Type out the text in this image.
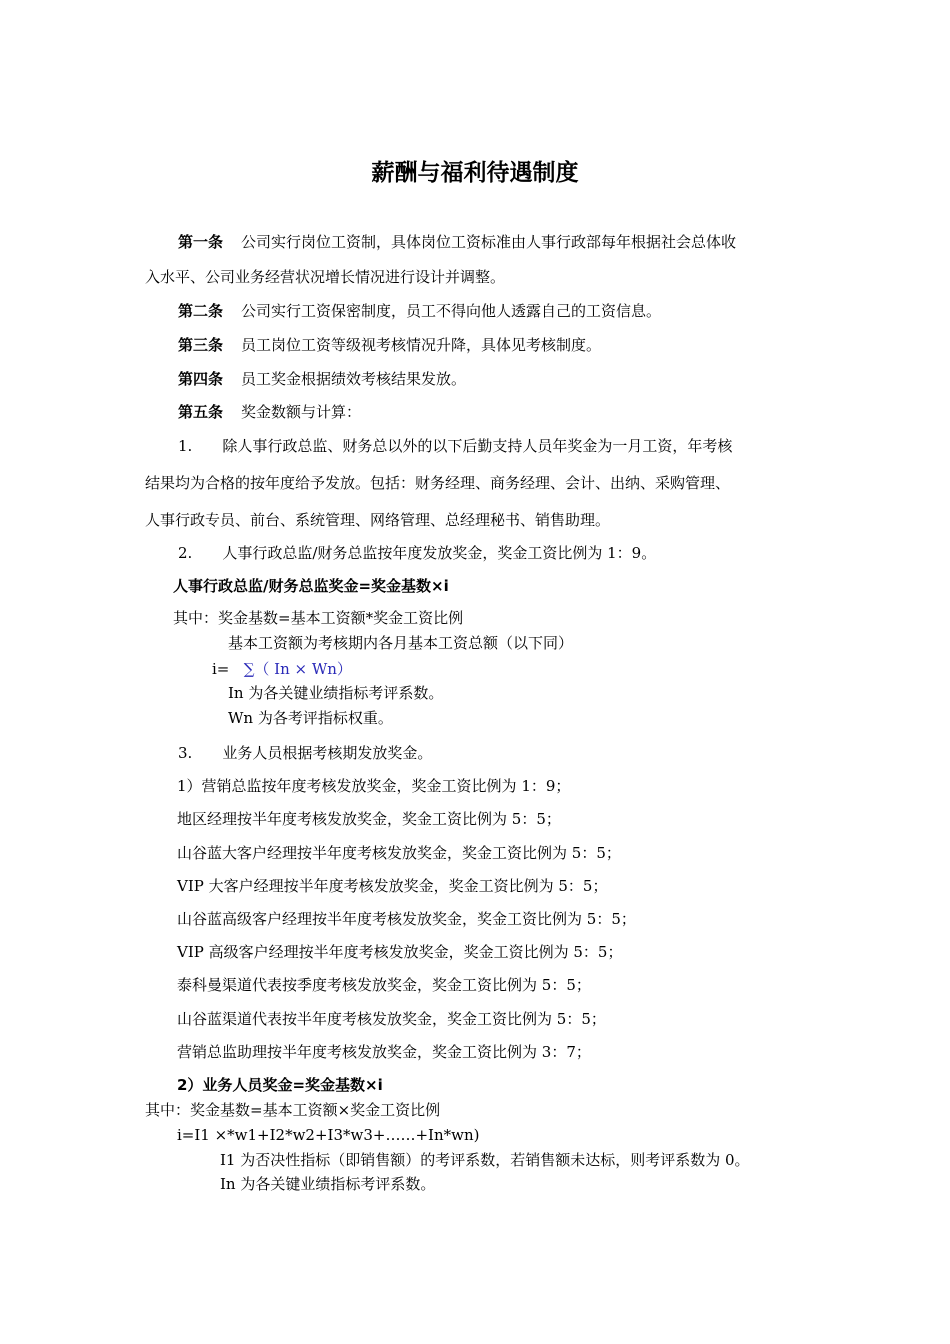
薪酬与福利待遇制度
第一条 公司实行岗位工资制，具体岗位工资标准由人事行政部每年根据社会总体收
入水平、公司业务经营状况增长情况进行设计并调整。
第二条 公司实行工资保密制度，员工不得向他人透露自己的工资信息。
第三条 员工岗位工资等级视考核情况升降，具体见考核制度。
第四条 员工奖金根据绩效考核结果发放。
第五条 奖金数额与计算：
1. 除人事行政总监、财务总以外的以下后勤支持人员年奖金为一月工资，年考核
结果均为合格的按年度给予发放。包括：财务经理、商务经理、会计、出纳、采购管理、
人事行政专员、前台、系统管理、网络管理、总经理秘书、销售助理。
2. 人事行政总监/财务总监按年度发放奖金，奖金工资比例为 1：9。
人事行政总监/财务总监奖金=奖金基数×i
其中：奖金基数=基本工资额*奖金工资比例
基本工资额为考核期内各月基本工资总额（以下同）
i= ∑（ In × Wn）
In 为各关键业绩指标考评系数。
Wn 为各考评指标权重。
3. 业务人员根据考核期发放奖金。
1）营销总监按年度考核发放奖金，奖金工资比例为 1：9；
地区经理按半年度考核发放奖金，奖金工资比例为 5：5；
山谷蓝大客户经理按半年度考核发放奖金，奖金工资比例为 5：5；
VIP 大客户经理按半年度考核发放奖金，奖金工资比例为 5：5；
山谷蓝高级客户经理按半年度考核发放奖金，奖金工资比例为 5：5；
VIP 高级客户经理按半年度考核发放奖金，奖金工资比例为 5：5；
泰科曼渠道代表按季度考核发放奖金，奖金工资比例为 5：5；
山谷蓝渠道代表按半年度考核发放奖金，奖金工资比例为 5：5；
营销总监助理按半年度考核发放奖金，奖金工资比例为 3：7；
2）业务人员奖金=奖金基数×i
其中：奖金基数=基本工资额×奖金工资比例
i=I1 ×*w1+I2*w2+I3*w3+……+In*wn)
I1 为否决性指标（即销售额）的考评系数，若销售额未达标，则考评系数为 0。
In 为各关键业绩指标考评系数。
